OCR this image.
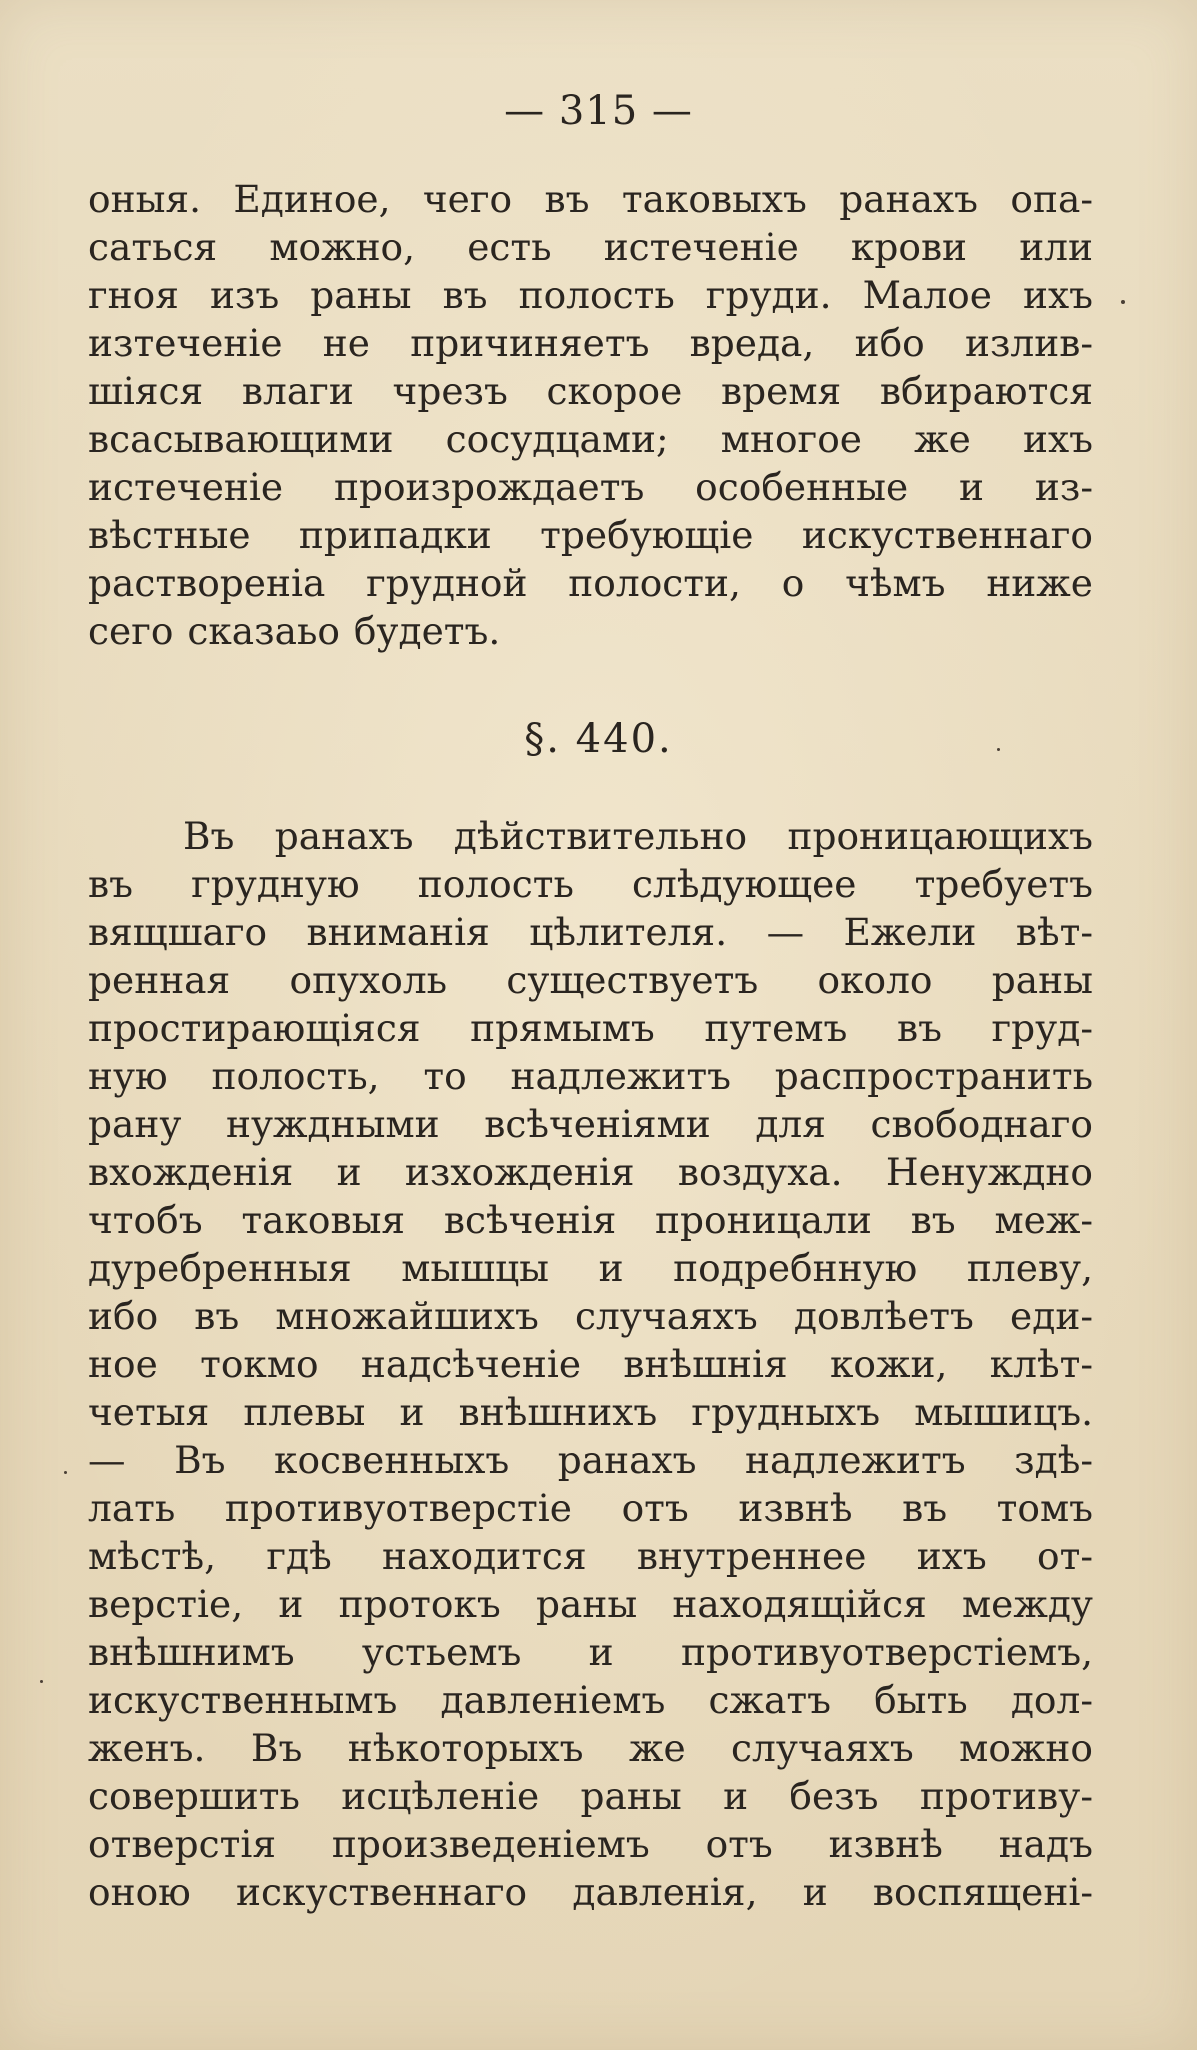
— 315 —
оныя. Единое, чего въ таковыхъ ранахъ опа-
саться можно, есть истеченіе крови или
гноя изъ раны въ полость груди. Малое ихъ
изтеченіе не причиняетъ вреда, ибо излив-
шіяся влаги чрезъ скорое время вбираются
всасывающими сосудцами; многое же ихъ
истеченіе произрождаетъ особенные и из-
вѣстные припадки требующіе искуственнаго
раствореніа грудной полости, о чѣмъ ниже
сего сказаьо будетъ.
§. 440.
Въ ранахъ дѣйствительно проницающихъ
въ грудную полость слѣдующее требуетъ
вящшаго вниманія цѣлителя. — Ежели вѣт-
ренная опухоль существуетъ около раны
простирающіяся прямымъ путемъ въ груд-
ную полость, то надлежитъ распространить
рану нуждными всѣченіями для свободнаго
вхожденія и изхожденія воздуха. Ненуждно
чтобъ таковыя всѣченія проницали въ меж-
дуребренныя мышцы и подребнную плеву,
ибо въ множайшихъ случаяхъ довлѣетъ еди-
ное токмо надсѣченіе внѣшнія кожи, клѣт-
четыя плевы и внѣшнихъ грудныхъ мышицъ.
— Въ косвенныхъ ранахъ надлежитъ здѣ-
лать противуотверстіе отъ извнѣ въ томъ
мѣстѣ, гдѣ находится внутреннее ихъ от-
верстіе, и протокъ раны находящійся между
внѣшнимъ устьемъ и противуотверстіемъ,
искуственнымъ давленіемъ сжатъ быть дол-
женъ. Въ нѣкоторыхъ же случаяхъ можно
совершить исцѣленіе раны и безъ противу-
отверстія произведеніемъ отъ извнѣ надъ
оною искуственнаго давленія, и воспящені-
